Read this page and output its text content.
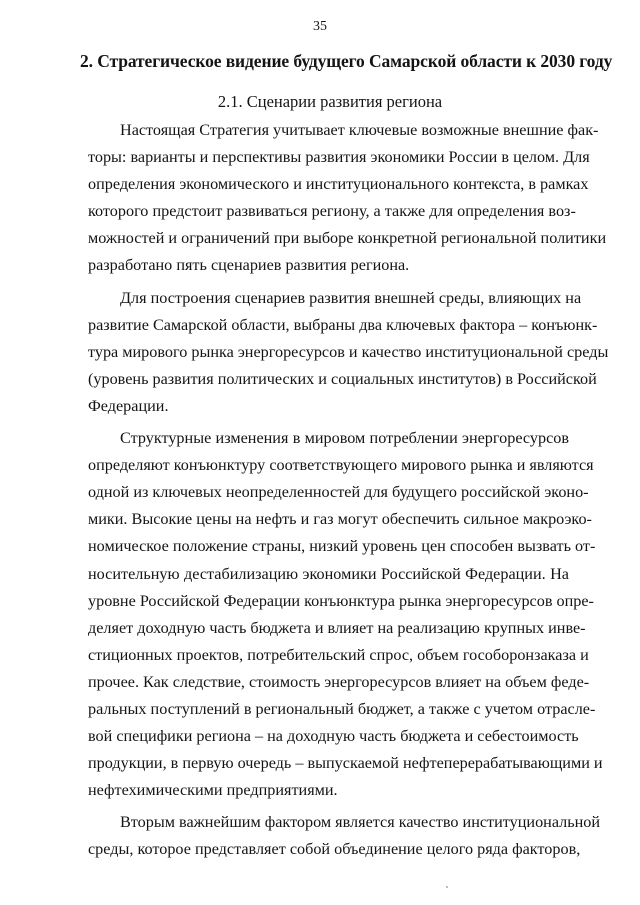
35
2. Стратегическое видение будущего Самарской области к 2030 году
2.1. Сценарии развития региона
Настоящая Стратегия учитывает ключевые возможные внешние фак-
торы: варианты и перспективы развития экономики России в целом. Для
определения экономического и институционального контекста, в рамках
которого предстоит развиваться региону, а также для определения воз-
можностей и ограничений при выборе конкретной региональной политики
разработано пять сценариев развития региона.
Для построения сценариев развития внешней среды, влияющих на
развитие Самарской области, выбраны два ключевых фактора – конъюнк-
тура мирового рынка энергоресурсов и качество институциональной среды
(уровень развития политических и социальных институтов) в Российской
Федерации.
Структурные изменения в мировом потреблении энергоресурсов
определяют конъюнктуру соответствующего мирового рынка и являются
одной из ключевых неопределенностей для будущего российской эконо-
мики. Высокие цены на нефть и газ могут обеспечить сильное макроэко-
номическое положение страны, низкий уровень цен способен вызвать от-
носительную дестабилизацию экономики Российской Федерации. На
уровне Российской Федерации конъюнктура рынка энергоресурсов опре-
деляет доходную часть бюджета и влияет на реализацию крупных инве-
стиционных проектов, потребительский спрос, объем гособоронзаказа и
прочее. Как следствие, стоимость энергоресурсов влияет на объем феде-
ральных поступлений в региональный бюджет, а также с учетом отрасле-
вой специфики региона – на доходную часть бюджета и себестоимость
продукции, в первую очередь – выпускаемой нефтеперерабатывающими и
нефтехимическими предприятиями.
Вторым важнейшим фактором является качество институциональной
среды, которое представляет собой объединение целого ряда факторов,
